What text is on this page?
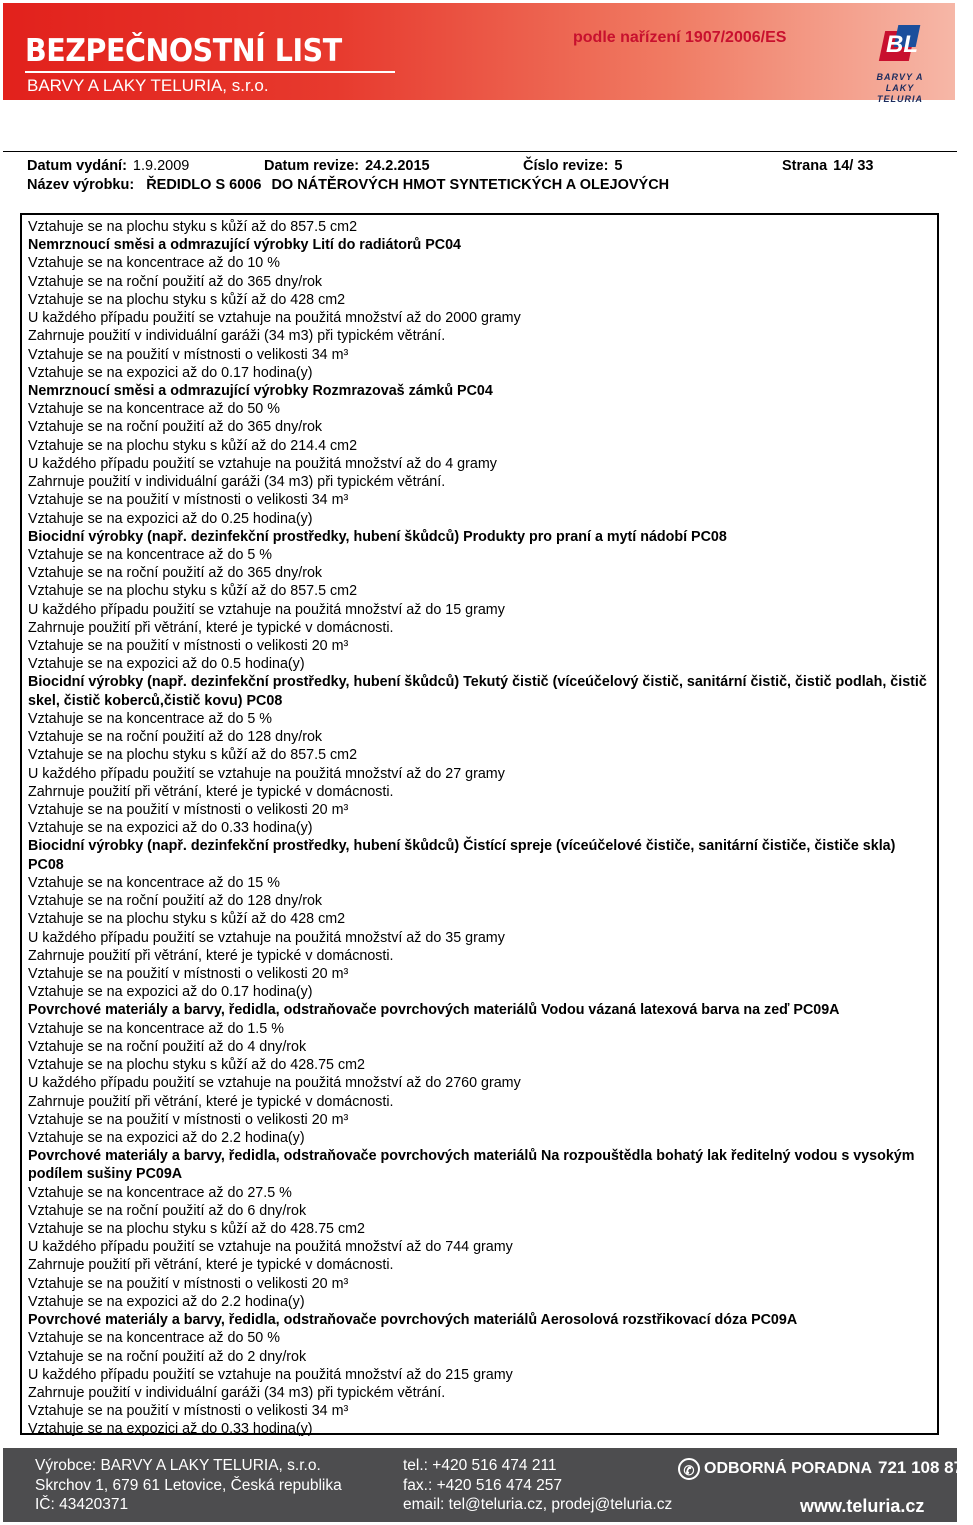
BEZPEČNOSTNÍ LIST
BARVY A LAKY TELURIA, s.r.o.
podle nařízení 1907/2006/ES	BL
BARVY A LAKY
TELURIA
Datum vydání: 1.9.2009	Datum revize: 24.2.2015	Číslo revize: 5	Strana 14/ 33
Název výrobku: ŘEDIDLO S 6006 DO NÁTĚROVÝCH HMOT SYNTETICKÝCH A OLEJOVÝCH
Vztahuje se na plochu styku s kůží až do 857.5 cm2
Nemrznoucí směsi a odmrazující výrobky Lití do radiátorů PC04
Vztahuje se na koncentrace až do 10 %
Vztahuje se na roční použití až do 365 dny/rok
Vztahuje se na plochu styku s kůží až do 428 cm2
U každého případu použití se vztahuje na použitá množství až do 2000 gramy
Zahrnuje použití v individuální garáži (34 m3) při typickém větrání.
Vztahuje se na použití v místnosti o velikosti 34 m³
Vztahuje se na expozici až do 0.17 hodina(y)
Nemrznoucí směsi a odmrazující výrobky Rozmrazovaš zámků PC04
Vztahuje se na koncentrace až do 50 %
Vztahuje se na roční použití až do 365 dny/rok
Vztahuje se na plochu styku s kůží až do 214.4 cm2
U každého případu použití se vztahuje na použitá množství až do 4 gramy
Zahrnuje použití v individuální garáži (34 m3) při typickém větrání.
Vztahuje se na použití v místnosti o velikosti 34 m³
Vztahuje se na expozici až do 0.25 hodina(y)
Biocidní výrobky (např. dezinfekční prostředky, hubení škůdců) Produkty pro praní a mytí nádobí PC08
Vztahuje se na koncentrace až do 5 %
Vztahuje se na roční použití až do 365 dny/rok
Vztahuje se na plochu styku s kůží až do 857.5 cm2
U každého případu použití se vztahuje na použitá množství až do 15 gramy
Zahrnuje použití při větrání, které je typické v domácnosti.
Vztahuje se na použití v místnosti o velikosti 20 m³
Vztahuje se na expozici až do 0.5 hodina(y)
Biocidní výrobky (např. dezinfekční prostředky, hubení škůdců) Tekutý čistič (víceúčelový čistič, sanitární čistič, čistič podlah, čistič skel, čistič koberců,čistič kovu) PC08
Vztahuje se na koncentrace až do 5 %
Vztahuje se na roční použití až do 128 dny/rok
Vztahuje se na plochu styku s kůží až do 857.5 cm2
U každého případu použití se vztahuje na použitá množství až do 27 gramy
Zahrnuje použití při větrání, které je typické v domácnosti.
Vztahuje se na použití v místnosti o velikosti 20 m³
Vztahuje se na expozici až do 0.33 hodina(y)
Biocidní výrobky (např. dezinfekční prostředky, hubení škůdců) Čistící spreje (víceúčelové čističe, sanitární čističe, čističe skla) PC08
Vztahuje se na koncentrace až do 15 %
Vztahuje se na roční použití až do 128 dny/rok
Vztahuje se na plochu styku s kůží až do 428 cm2
U každého případu použití se vztahuje na použitá množství až do 35 gramy
Zahrnuje použití při větrání, které je typické v domácnosti.
Vztahuje se na použití v místnosti o velikosti 20 m³
Vztahuje se na expozici až do 0.17 hodina(y)
Povrchové materiály a barvy, ředidla, odstraňovače povrchových materiálů Vodou vázaná latexová barva na zeď PC09A
Vztahuje se na koncentrace až do 1.5 %
Vztahuje se na roční použití až do 4 dny/rok
Vztahuje se na plochu styku s kůží až do 428.75 cm2
U každého případu použití se vztahuje na použitá množství až do 2760 gramy
Zahrnuje použití při větrání, které je typické v domácnosti.
Vztahuje se na použití v místnosti o velikosti 20 m³
Vztahuje se na expozici až do 2.2 hodina(y)
Povrchové materiály a barvy, ředidla, odstraňovače povrchových materiálů Na rozpouštědla bohatý lak ředitelný vodou s vysokým podílem sušiny PC09A
Vztahuje se na koncentrace až do 27.5 %
Vztahuje se na roční použití až do 6 dny/rok
Vztahuje se na plochu styku s kůží až do 428.75 cm2
U každého případu použití se vztahuje na použitá množství až do 744 gramy
Zahrnuje použití při větrání, které je typické v domácnosti.
Vztahuje se na použití v místnosti o velikosti 20 m³
Vztahuje se na expozici až do 2.2 hodina(y)
Povrchové materiály a barvy, ředidla, odstraňovače povrchových materiálů Aerosolová rozstřikovací dóza PC09A
Vztahuje se na koncentrace až do 50 %
Vztahuje se na roční použití až do 2 dny/rok
U každého případu použití se vztahuje na použitá množství až do 215 gramy
Zahrnuje použití v individuální garáži (34 m3) při typickém větrání.
Vztahuje se na použití v místnosti o velikosti 34 m³
Vztahuje se na expozici až do 0.33 hodina(y)
Výrobce: BARVY A LAKY TELURIA, s.r.o.
Skrchov 1, 679 61 Letovice, Česká republika
IČ: 43420371
tel.: +420 516 474 211
fax.: +420 516 474 257
email: tel@teluria.cz, prodej@teluria.cz
✆ ODBORNÁ PORADNA 721 108 877
www.teluria.cz
